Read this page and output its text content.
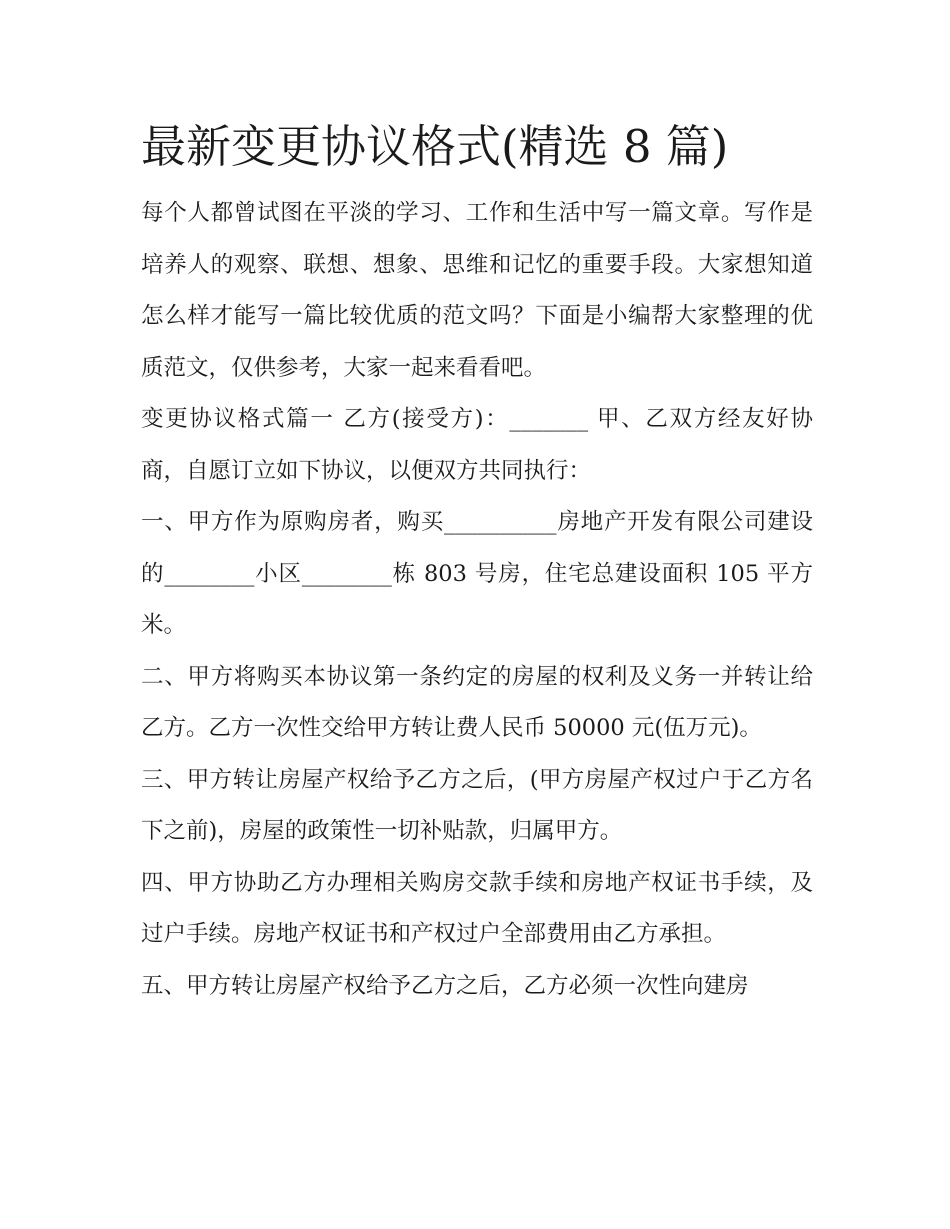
最新变更协议格式(精选 8 篇)

每个人都曾试图在平淡的学习、工作和生活中写一篇文章。写作是培养人的观察、联想、想象、思维和记忆的重要手段。大家想知道怎么样才能写一篇比较优质的范文吗？下面是小编帮大家整理的优质范文，仅供参考，大家一起来看看吧。

变更协议格式篇一 乙方(接受方)：_______ 甲、乙双方经友好协商，自愿订立如下协议，以便双方共同执行：

一、甲方作为原购房者，购买__________房地产开发有限公司建设的________小区________栋 803 号房，住宅总建设面积 105 平方米。

二、甲方将购买本协议第一条约定的房屋的权利及义务一并转让给乙方。乙方一次性交给甲方转让费人民币 50000 元(伍万元)。

三、甲方转让房屋产权给予乙方之后，(甲方房屋产权过户于乙方名下之前)，房屋的政策性一切补贴款，归属甲方。

四、甲方协助乙方办理相关购房交款手续和房地产权证书手续，及过户手续。房地产权证书和产权过户全部费用由乙方承担。

五、甲方转让房屋产权给予乙方之后，乙方必须一次性向建房
